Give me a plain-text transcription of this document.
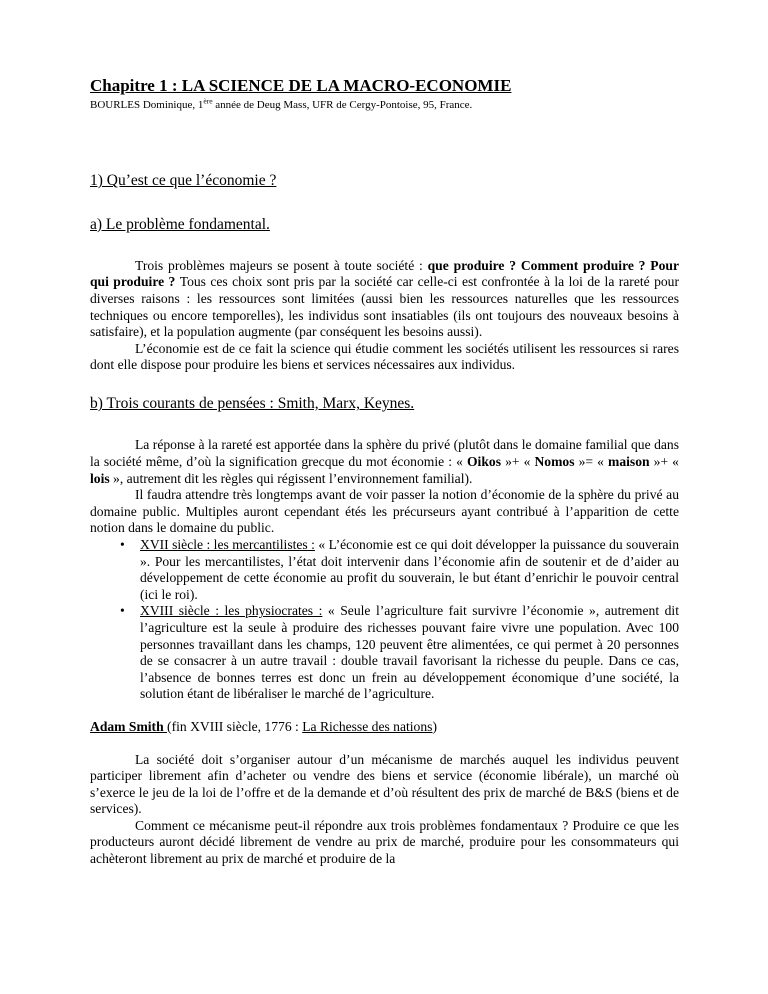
Chapitre 1 : LA SCIENCE DE LA MACRO-ECONOMIE

BOURLES Dominique, 1ère année de Deug Mass, UFR de Cergy-Pontoise, 95, France.

1) Qu’est ce que l’économie ?
a) Le problème fondamental.

Trois problèmes majeurs se posent à toute société : que produire ? Comment produire ? Pour qui produire ? Tous ces choix sont pris par la société car celle-ci est confrontée à la loi de la rareté pour diverses raisons : les ressources sont limitées (aussi bien les ressources naturelles que les ressources techniques ou encore temporelles), les individus sont insatiables (ils ont toujours des nouveaux besoins à satisfaire), et la population augmente (par conséquent les besoins aussi).

L’économie est de ce fait la science qui étudie comment les sociétés utilisent les ressources si rares dont elle dispose pour produire les biens et services nécessaires aux individus.

b) Trois courants de pensées : Smith, Marx, Keynes.

La réponse à la rareté est apportée dans la sphère du privé (plutôt dans le domaine familial que dans la société même, d’où la signification grecque du mot économie : « Oikos »+ « Nomos »= « maison »+ « lois », autrement dit les règles qui régissent l’environnement familial).

Il faudra attendre très longtemps avant de voir passer la notion d’économie de la sphère du privé au domaine public. Multiples auront cependant étés les précurseurs ayant contribué à l’apparition de cette notion dans le domaine du public.

• XVII siècle : les mercantilistes : « L’économie est ce qui doit développer la puissance du souverain ». Pour les mercantilistes, l’état doit intervenir dans l’économie afin de soutenir et de d’aider au développement de cette économie au profit du souverain, le but étant d’enrichir le pouvoir central (ici le roi).
• XVIII siècle : les physiocrates : « Seule l’agriculture fait survivre l’économie », autrement dit l’agriculture est la seule à produire des richesses pouvant faire vivre une population. Avec 100 personnes travaillant dans les champs, 120 peuvent être alimentées, ce qui permet à 20 personnes de se consacrer à un autre travail : double travail favorisant la richesse du peuple. Dans ce cas, l’absence de bonnes terres est donc un frein au développement économique d’une société, la solution étant de libéraliser le marché de l’agriculture.

Adam Smith (fin XVIII siècle, 1776 : La Richesse des nations)

La société doit s’organiser autour d’un mécanisme de marchés auquel les individus peuvent participer librement afin d’acheter ou vendre des biens et service (économie libérale), un marché où s’exerce le jeu de la loi de l’offre et de la demande et d’où résultent des prix de marché de B&S (biens et de services).

Comment ce mécanisme peut-il répondre aux trois problèmes fondamentaux ? Produire ce que les producteurs auront décidé librement de vendre au prix de marché, produire pour les consommateurs qui achèteront librement au prix de marché et produire de la
